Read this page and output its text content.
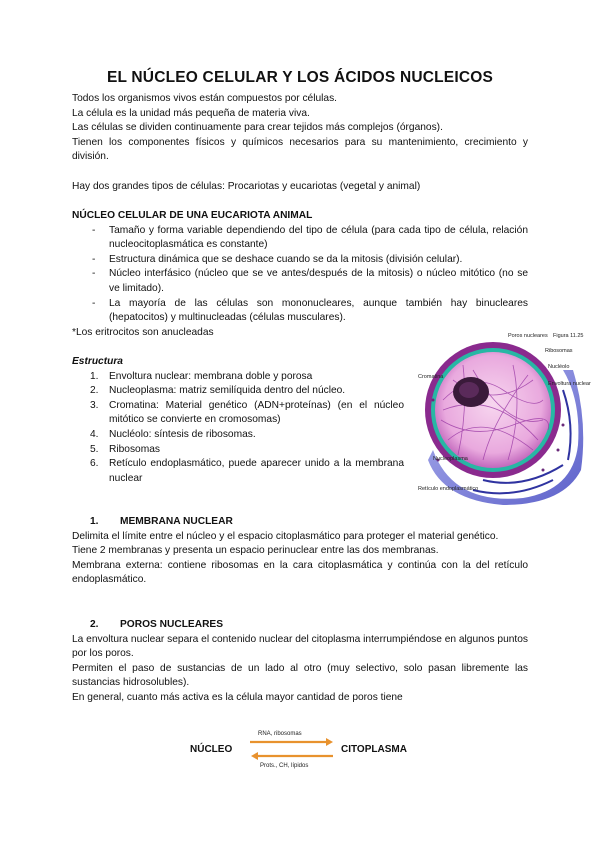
EL NÚCLEO CELULAR Y LOS ÁCIDOS NUCLEICOS

Todos los organismos vivos están compuestos por células.

La célula es la unidad más pequeña de materia viva.

Las células se dividen continuamente para crear tejidos más complejos (órganos).

Tienen los componentes físicos y químicos necesarios para su mantenimiento, crecimiento y división.

Hay dos grandes tipos de células: Procariotas y eucariotas (vegetal y animal)

NÚCLEO CELULAR DE UNA EUCARIOTA ANIMAL

- Tamaño y forma variable dependiendo del tipo de célula (para cada tipo de célula, relación nucleocitoplasmática es constante)
- Estructura dinámica que se deshace cuando se da la mitosis (división celular).
- Núcleo interfásico (núcleo que se ve antes/después de la mitosis) o núcleo mitótico (no se ve limitado).
- La mayoría de las células son mononucleares, aunque también hay binucleares (hepatocitos) y multinucleadas (células musculares).

*Los eritrocitos son anucleadas

Estructura

1. Envoltura nuclear: membrana doble y porosa
2. Nucleoplasma: matriz semilíquida dentro del núcleo.
3. Cromatina: Material genético (ADN+proteínas) (en el núcleo mitótico se convierte en cromosomas)
4. Nucléolo: síntesis de ribosomas.
5. Ribosomas
6. Retículo endoplasmático, puede aparecer unido a la membrana nuclear
Poros nucleares Figura 11.25
Ribosomas
Cromatina
Nucléolo
Envoltura nuclear
Nucleoplasma
Retículo endoplasmático

1. MEMBRANA NUCLEAR

Delimita el límite entre el núcleo y el espacio citoplasmático para proteger el material genético.

Tiene 2 membranas y presenta un espacio perinuclear entre las dos membranas.

Membrana externa: contiene ribosomas en la cara citoplasmática y continúa con la del retículo endoplasmático.

2. POROS NUCLEARES

La envoltura nuclear separa el contenido nuclear del citoplasma interrumpiéndose en algunos puntos por los poros.

Permiten el paso de sustancias de un lado al otro (muy selectivo, solo pasan libremente las sustancias hidrosolubles).

En general, cuanto más activa es la célula mayor cantidad de poros tiene

NÚCLEO	CITOPLASMA
RNA, ribosomas
Prots., CH, lípidos
